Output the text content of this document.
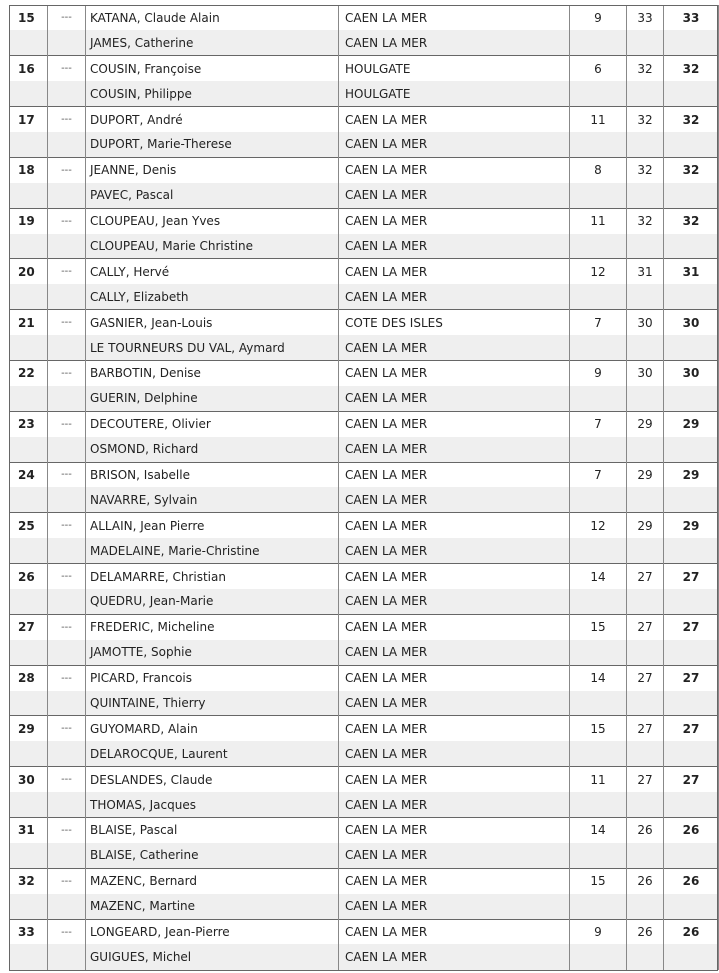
15	---	KATANA, Claude Alain	CAEN LA MER	9	33	33
		JAMES, Catherine	CAEN LA MER			
16	---	COUSIN, Françoise	HOULGATE	6	32	32
		COUSIN, Philippe	HOULGATE			
17	---	DUPORT, André	CAEN LA MER	11	32	32
		DUPORT, Marie-Therese	CAEN LA MER			
18	---	JEANNE, Denis	CAEN LA MER	8	32	32
		PAVEC, Pascal	CAEN LA MER			
19	---	CLOUPEAU, Jean Yves	CAEN LA MER	11	32	32
		CLOUPEAU, Marie Christine	CAEN LA MER			
20	---	CALLY, Hervé	CAEN LA MER	12	31	31
		CALLY, Elizabeth	CAEN LA MER			
21	---	GASNIER, Jean-Louis	COTE DES ISLES	7	30	30
		LE TOURNEURS DU VAL, Aymard	CAEN LA MER			
22	---	BARBOTIN, Denise	CAEN LA MER	9	30	30
		GUERIN, Delphine	CAEN LA MER			
23	---	DECOUTERE, Olivier	CAEN LA MER	7	29	29
		OSMOND, Richard	CAEN LA MER			
24	---	BRISON, Isabelle	CAEN LA MER	7	29	29
		NAVARRE, Sylvain	CAEN LA MER			
25	---	ALLAIN, Jean Pierre	CAEN LA MER	12	29	29
		MADELAINE, Marie-Christine	CAEN LA MER			
26	---	DELAMARRE, Christian	CAEN LA MER	14	27	27
		QUEDRU, Jean-Marie	CAEN LA MER			
27	---	FREDERIC, Micheline	CAEN LA MER	15	27	27
		JAMOTTE, Sophie	CAEN LA MER			
28	---	PICARD, Francois	CAEN LA MER	14	27	27
		QUINTAINE, Thierry	CAEN LA MER			
29	---	GUYOMARD, Alain	CAEN LA MER	15	27	27
		DELAROCQUE, Laurent	CAEN LA MER			
30	---	DESLANDES, Claude	CAEN LA MER	11	27	27
		THOMAS, Jacques	CAEN LA MER			
31	---	BLAISE, Pascal	CAEN LA MER	14	26	26
		BLAISE, Catherine	CAEN LA MER			
32	---	MAZENC, Bernard	CAEN LA MER	15	26	26
		MAZENC, Martine	CAEN LA MER			
33	---	LONGEARD, Jean-Pierre	CAEN LA MER	9	26	26
		GUIGUES, Michel	CAEN LA MER			
